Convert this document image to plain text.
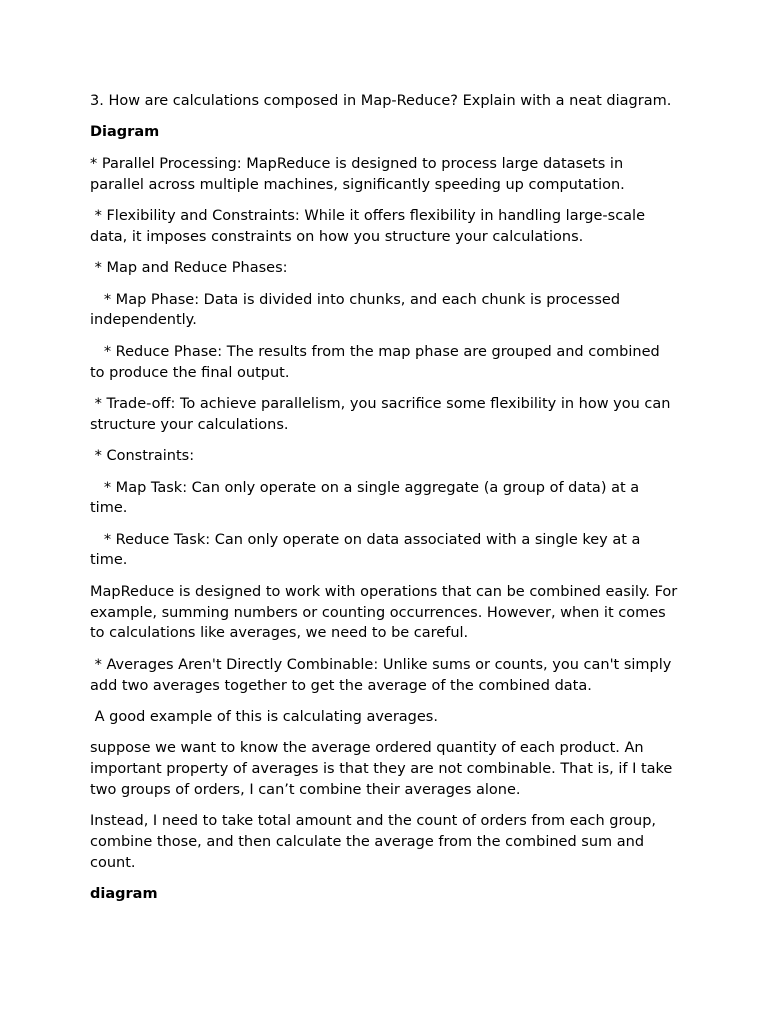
3. How are calculations composed in Map-Reduce? Explain with a neat diagram.

Diagram

* Parallel Processing: MapReduce is designed to process large datasets in parallel across multiple machines, significantly speeding up computation.

* Flexibility and Constraints: While it offers flexibility in handling large-scale data, it imposes constraints on how you structure your calculations.

* Map and Reduce Phases:

* Map Phase: Data is divided into chunks, and each chunk is processed independently.

* Reduce Phase: The results from the map phase are grouped and combined to produce the final output.

* Trade-off: To achieve parallelism, you sacrifice some flexibility in how you can structure your calculations.

* Constraints:

* Map Task: Can only operate on a single aggregate (a group of data) at a time.

* Reduce Task: Can only operate on data associated with a single key at a time.

MapReduce is designed to work with operations that can be combined easily. For example, summing numbers or counting occurrences. However, when it comes to calculations like averages, we need to be careful.

* Averages Aren't Directly Combinable: Unlike sums or counts, you can't simply add two averages together to get the average of the combined data.

A good example of this is calculating averages.

suppose we want to know the average ordered quantity of each product. An important property of averages is that they are not combinable. That is, if I take two groups of orders, I can’t combine their averages alone.

Instead, I need to take total amount and the count of orders from each group, combine those, and then calculate the average from the combined sum and count.

diagram
